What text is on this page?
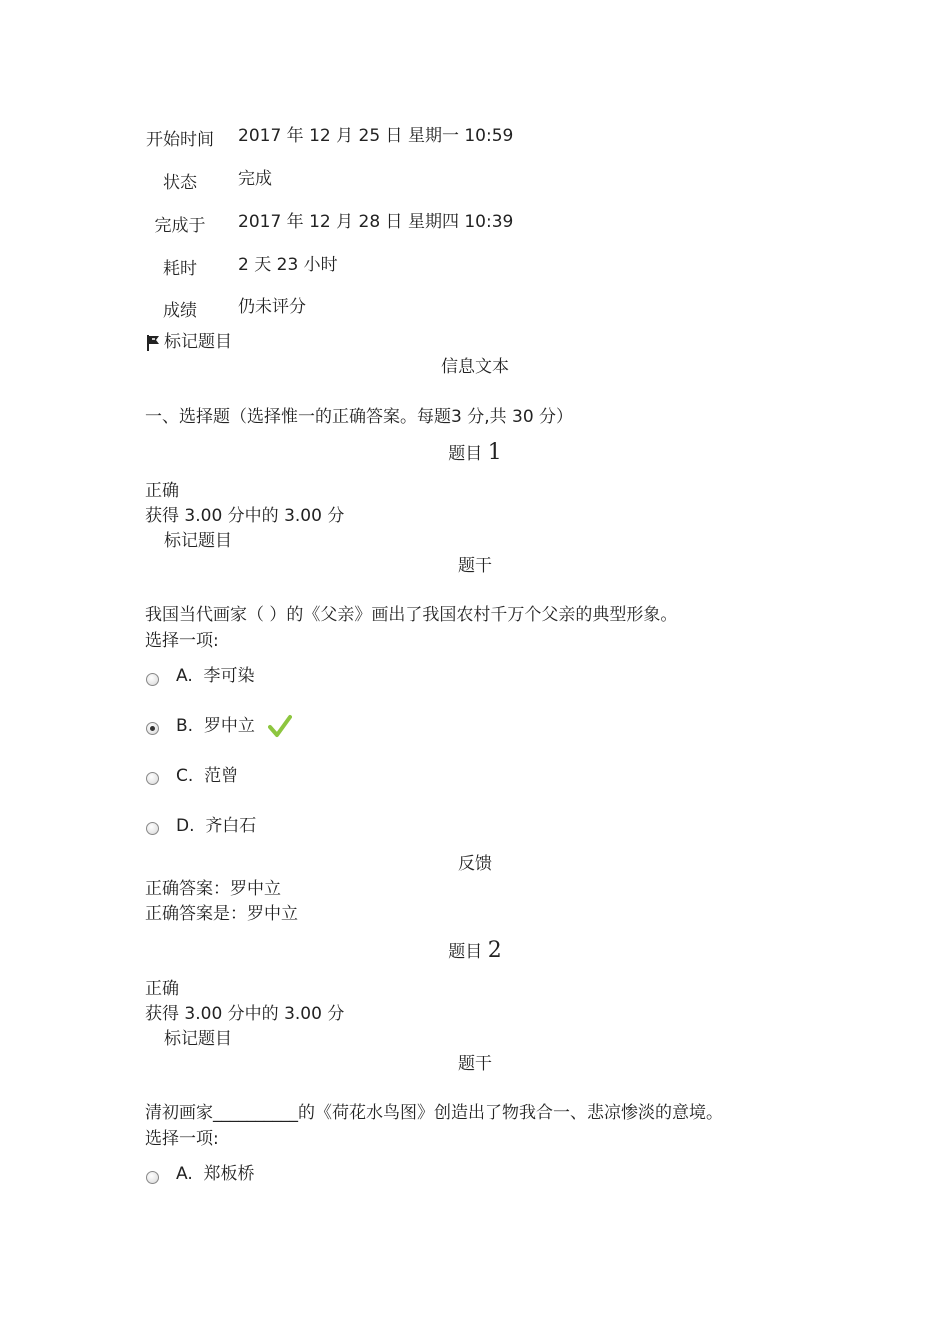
开始时间	2017 年 12 月 25 日 星期一 10:59
状态	完成
完成于	2017 年 12 月 28 日 星期四 10:39
耗时	2 天 23 小时
成绩	仍未评分
标记题目
信息文本
一、选择题（选择惟一的正确答案。每题3 分,共 30 分）
题目 1
正确
获得 3.00 分中的 3.00 分
标记题目
题干
我国当代画家（ ）的《父亲》画出了我国农村千万个父亲的典型形象。
选择一项:
A. 李可染
B. 罗中立
C. 范曾
D. 齐白石
反馈
正确答案：罗中立
正确答案是：罗中立
题目 2
正确
获得 3.00 分中的 3.00 分
标记题目
题干
清初画家__________的《荷花水鸟图》创造出了物我合一、悲凉惨淡的意境。
选择一项:
A. 郑板桥
